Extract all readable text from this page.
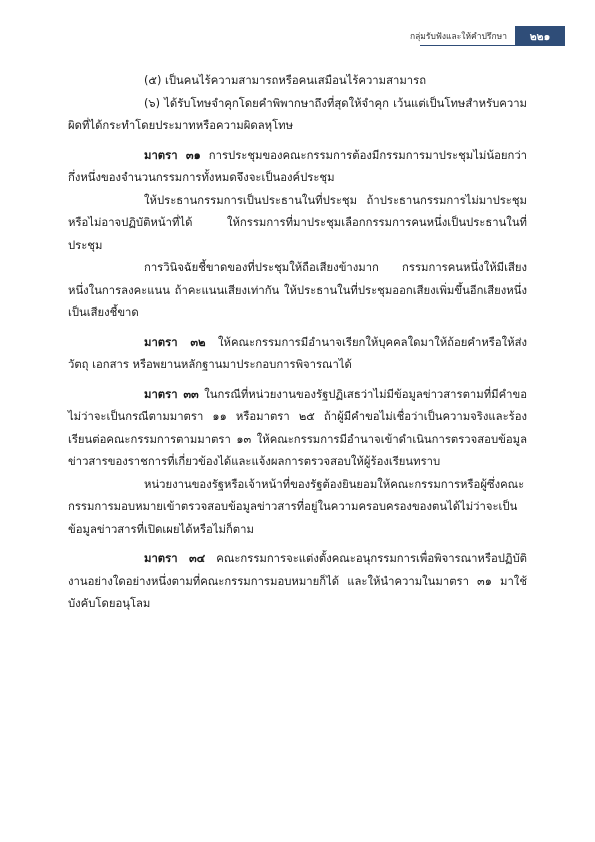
กลุ่มรับฟังและให้คำปรึกษา	๒๒๑

(๕) เป็นคนไร้ความสามารถหรือคนเสมือนไร้ความสามารถ

(๖) ได้รับโทษจำคุกโดยคำพิพากษาถึงที่สุดให้จำคุก เว้นแต่เป็นโทษสำหรับความผิดที่ได้กระทำโดยประมาทหรือความผิดลหุโทษ

มาตรา ๓๑ การประชุมของคณะกรรมการต้องมีกรรมการมาประชุมไม่น้อยกว่ากึ่งหนึ่งของจำนวนกรรมการทั้งหมดจึงจะเป็นองค์ประชุม

ให้ประธานกรรมการเป็นประธานในที่ประชุม ถ้าประธานกรรมการไม่มาประชุมหรือไม่อาจปฏิบัติหน้าที่ได้ ให้กรรมการที่มาประชุมเลือกกรรมการคนหนึ่งเป็นประธานในที่ประชุม

การวินิจฉัยชี้ขาดของที่ประชุมให้ถือเสียงข้างมาก กรรมการคนหนึ่งให้มีเสียงหนึ่งในการลงคะแนน ถ้าคะแนนเสียงเท่ากัน ให้ประธานในที่ประชุมออกเสียงเพิ่มขึ้นอีกเสียงหนึ่งเป็นเสียงชี้ขาด

มาตรา ๓๒ ให้คณะกรรมการมีอำนาจเรียกให้บุคคลใดมาให้ถ้อยคำหรือให้ส่งวัตถุ เอกสาร หรือพยานหลักฐานมาประกอบการพิจารณาได้

มาตรา ๓๓ ในกรณีที่หน่วยงานของรัฐปฏิเสธว่าไม่มีข้อมูลข่าวสารตามที่มีคำขอไม่ว่าจะเป็นกรณีตามมาตรา ๑๑ หรือมาตรา ๒๕ ถ้าผู้มีคำขอไม่เชื่อว่าเป็นความจริงและร้องเรียนต่อคณะกรรมการตามมาตรา ๑๓ ให้คณะกรรมการมีอำนาจเข้าดำเนินการตรวจสอบข้อมูลข่าวสารของราชการที่เกี่ยวข้องได้และแจ้งผลการตรวจสอบให้ผู้ร้องเรียนทราบ

หน่วยงานของรัฐหรือเจ้าหน้าที่ของรัฐต้องยินยอมให้คณะกรรมการหรือผู้ซึ่งคณะกรรมการมอบหมายเข้าตรวจสอบข้อมูลข่าวสารที่อยู่ในความครอบครองของตนได้ไม่ว่าจะเป็นข้อมูลข่าวสารที่เปิดเผยได้หรือไม่ก็ตาม

มาตรา ๓๔ คณะกรรมการจะแต่งตั้งคณะอนุกรรมการเพื่อพิจารณาหรือปฏิบัติงานอย่างใดอย่างหนึ่งตามที่คณะกรรมการมอบหมายก็ได้ และให้นำความในมาตรา ๓๑ มาใช้บังคับโดยอนุโลม
